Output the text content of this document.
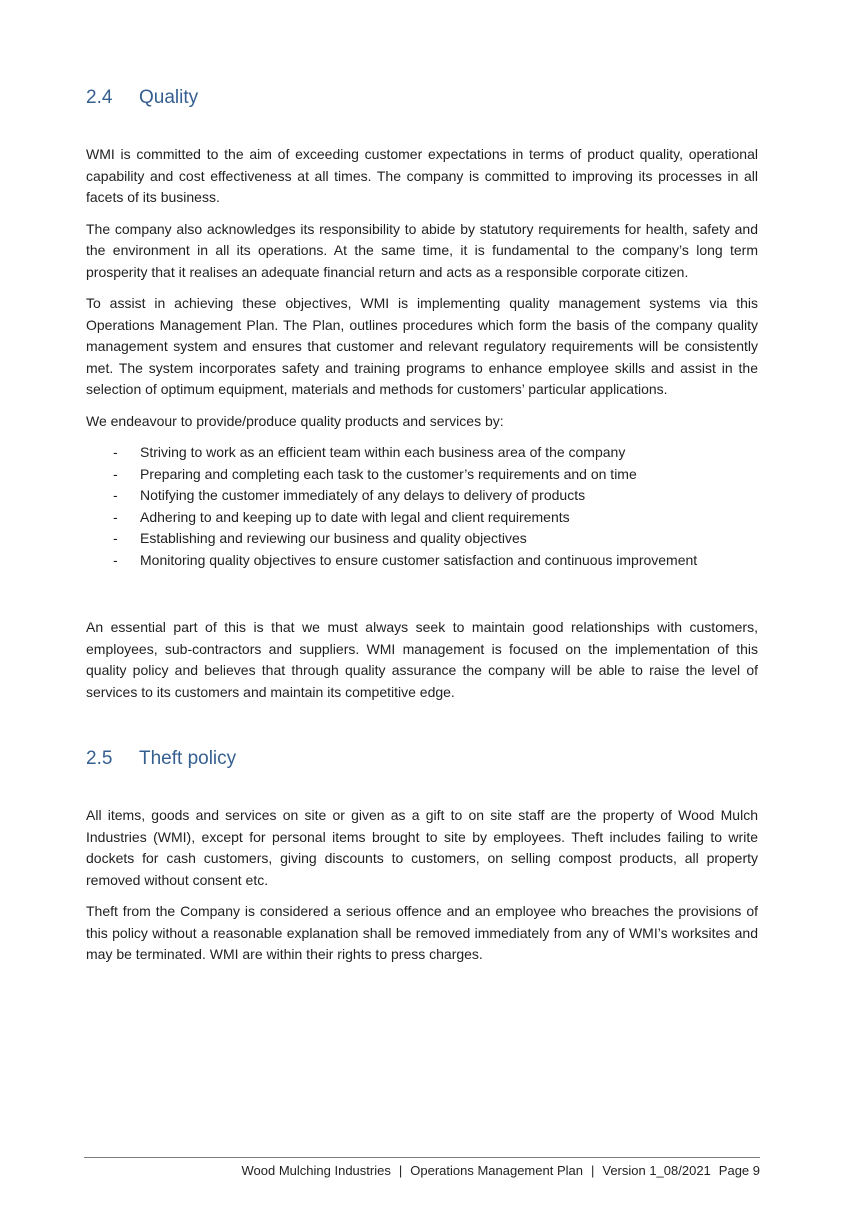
2.4	Quality

WMI is committed to the aim of exceeding customer expectations in terms of product quality, operational capability and cost effectiveness at all times. The company is committed to improving its processes in all facets of its business.

The company also acknowledges its responsibility to abide by statutory requirements for health, safety and the environment in all its operations. At the same time, it is fundamental to the company’s long term prosperity that it realises an adequate financial return and acts as a responsible corporate citizen.

To assist in achieving these objectives, WMI is implementing quality management systems via this Operations Management Plan. The Plan, outlines procedures which form the basis of the company quality management system and ensures that customer and relevant regulatory requirements will be consistently met. The system incorporates safety and training programs to enhance employee skills and assist in the selection of optimum equipment, materials and methods for customers’ particular applications.

We endeavour to provide/produce quality products and services by:

-	Striving to work as an efficient team within each business area of the company
-	Preparing and completing each task to the customer’s requirements and on time
-	Notifying the customer immediately of any delays to delivery of products
-	Adhering to and keeping up to date with legal and client requirements
-	Establishing and reviewing our business and quality objectives
-	Monitoring quality objectives to ensure customer satisfaction and continuous improvement

An essential part of this is that we must always seek to maintain good relationships with customers, employees, sub-contractors and suppliers. WMI management is focused on the implementation of this quality policy and believes that through quality assurance the company will be able to raise the level of services to its customers and maintain its competitive edge.

2.5	Theft policy

All items, goods and services on site or given as a gift to on site staff are the property of Wood Mulch Industries (WMI), except for personal items brought to site by employees. Theft includes failing to write dockets for cash customers, giving discounts to customers, on selling compost products, all property removed without consent etc.

Theft from the Company is considered a serious offence and an employee who breaches the provisions of this policy without a reasonable explanation shall be removed immediately from any of WMI’s worksites and may be terminated. WMI are within their rights to press charges.

Wood Mulching Industries | Operations Management Plan | Version 1_08/2021 Page 9
